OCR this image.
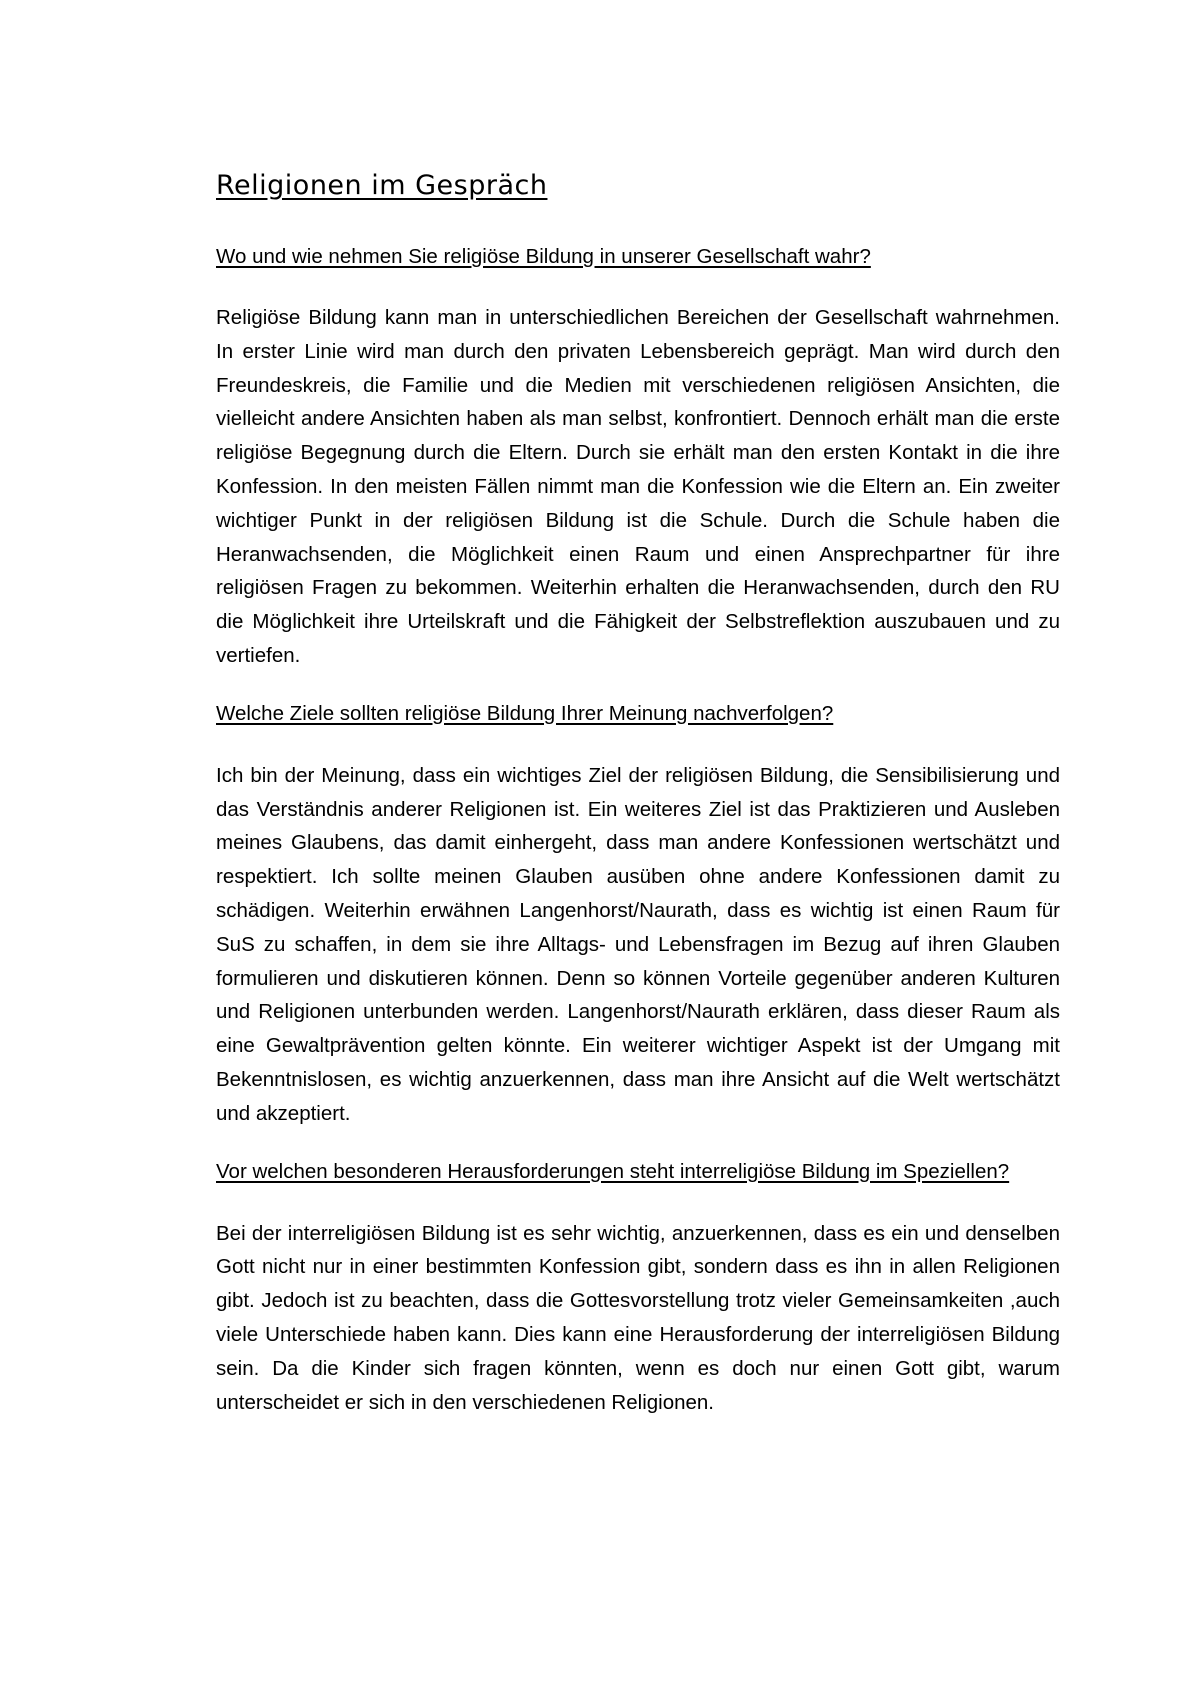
Religionen im Gespräch

Wo und wie nehmen Sie religiöse Bildung in unserer Gesellschaft wahr?

Religiöse Bildung kann man in unterschiedlichen Bereichen der Gesellschaft wahrnehmen. In erster Linie wird man durch den privaten Lebensbereich geprägt. Man wird durch den Freundeskreis, die Familie und die Medien mit verschiedenen religiösen Ansichten, die vielleicht andere Ansichten haben als man selbst, konfrontiert. Dennoch erhält man die erste religiöse Begegnung durch die Eltern. Durch sie erhält man den ersten Kontakt in die ihre Konfession. In den meisten Fällen nimmt man die Konfession wie die Eltern an. Ein zweiter wichtiger Punkt in der religiösen Bildung ist die Schule. Durch die Schule haben die Heranwachsenden, die Möglichkeit einen Raum und einen Ansprechpartner für ihre religiösen Fragen zu bekommen. Weiterhin erhalten die Heranwachsenden, durch den RU die Möglichkeit ihre Urteilskraft und die Fähigkeit der Selbstreflektion auszubauen und zu vertiefen.

Welche Ziele sollten religiöse Bildung Ihrer Meinung nachverfolgen?

Ich bin der Meinung, dass ein wichtiges Ziel der religiösen Bildung, die Sensibilisierung und das Verständnis anderer Religionen ist. Ein weiteres Ziel ist das Praktizieren und Ausleben meines Glaubens, das damit einhergeht, dass man andere Konfessionen wertschätzt und respektiert. Ich sollte meinen Glauben ausüben ohne andere Konfessionen damit zu schädigen. Weiterhin erwähnen Langenhorst/Naurath, dass es wichtig ist einen Raum für SuS zu schaffen, in dem sie ihre Alltags- und Lebensfragen im Bezug auf ihren Glauben formulieren und diskutieren können. Denn so können Vorteile gegenüber anderen Kulturen und Religionen unterbunden werden. Langenhorst/Naurath erklären, dass dieser Raum als eine Gewaltprävention gelten könnte. Ein weiterer wichtiger Aspekt ist der Umgang mit Bekenntnislosen, es wichtig anzuerkennen, dass man ihre Ansicht auf die Welt wertschätzt und akzeptiert.

Vor welchen besonderen Herausforderungen steht interreligiöse Bildung im Speziellen?

Bei der interreligiösen Bildung ist es sehr wichtig, anzuerkennen, dass es ein und denselben Gott nicht nur in einer bestimmten Konfession gibt, sondern dass es ihn in allen Religionen gibt. Jedoch ist zu beachten, dass die Gottesvorstellung trotz vieler Gemeinsamkeiten ,auch viele Unterschiede haben kann. Dies kann eine Herausforderung der interreligiösen Bildung sein. Da die Kinder sich fragen könnten, wenn es doch nur einen Gott gibt, warum unterscheidet er sich in den verschiedenen Religionen.
